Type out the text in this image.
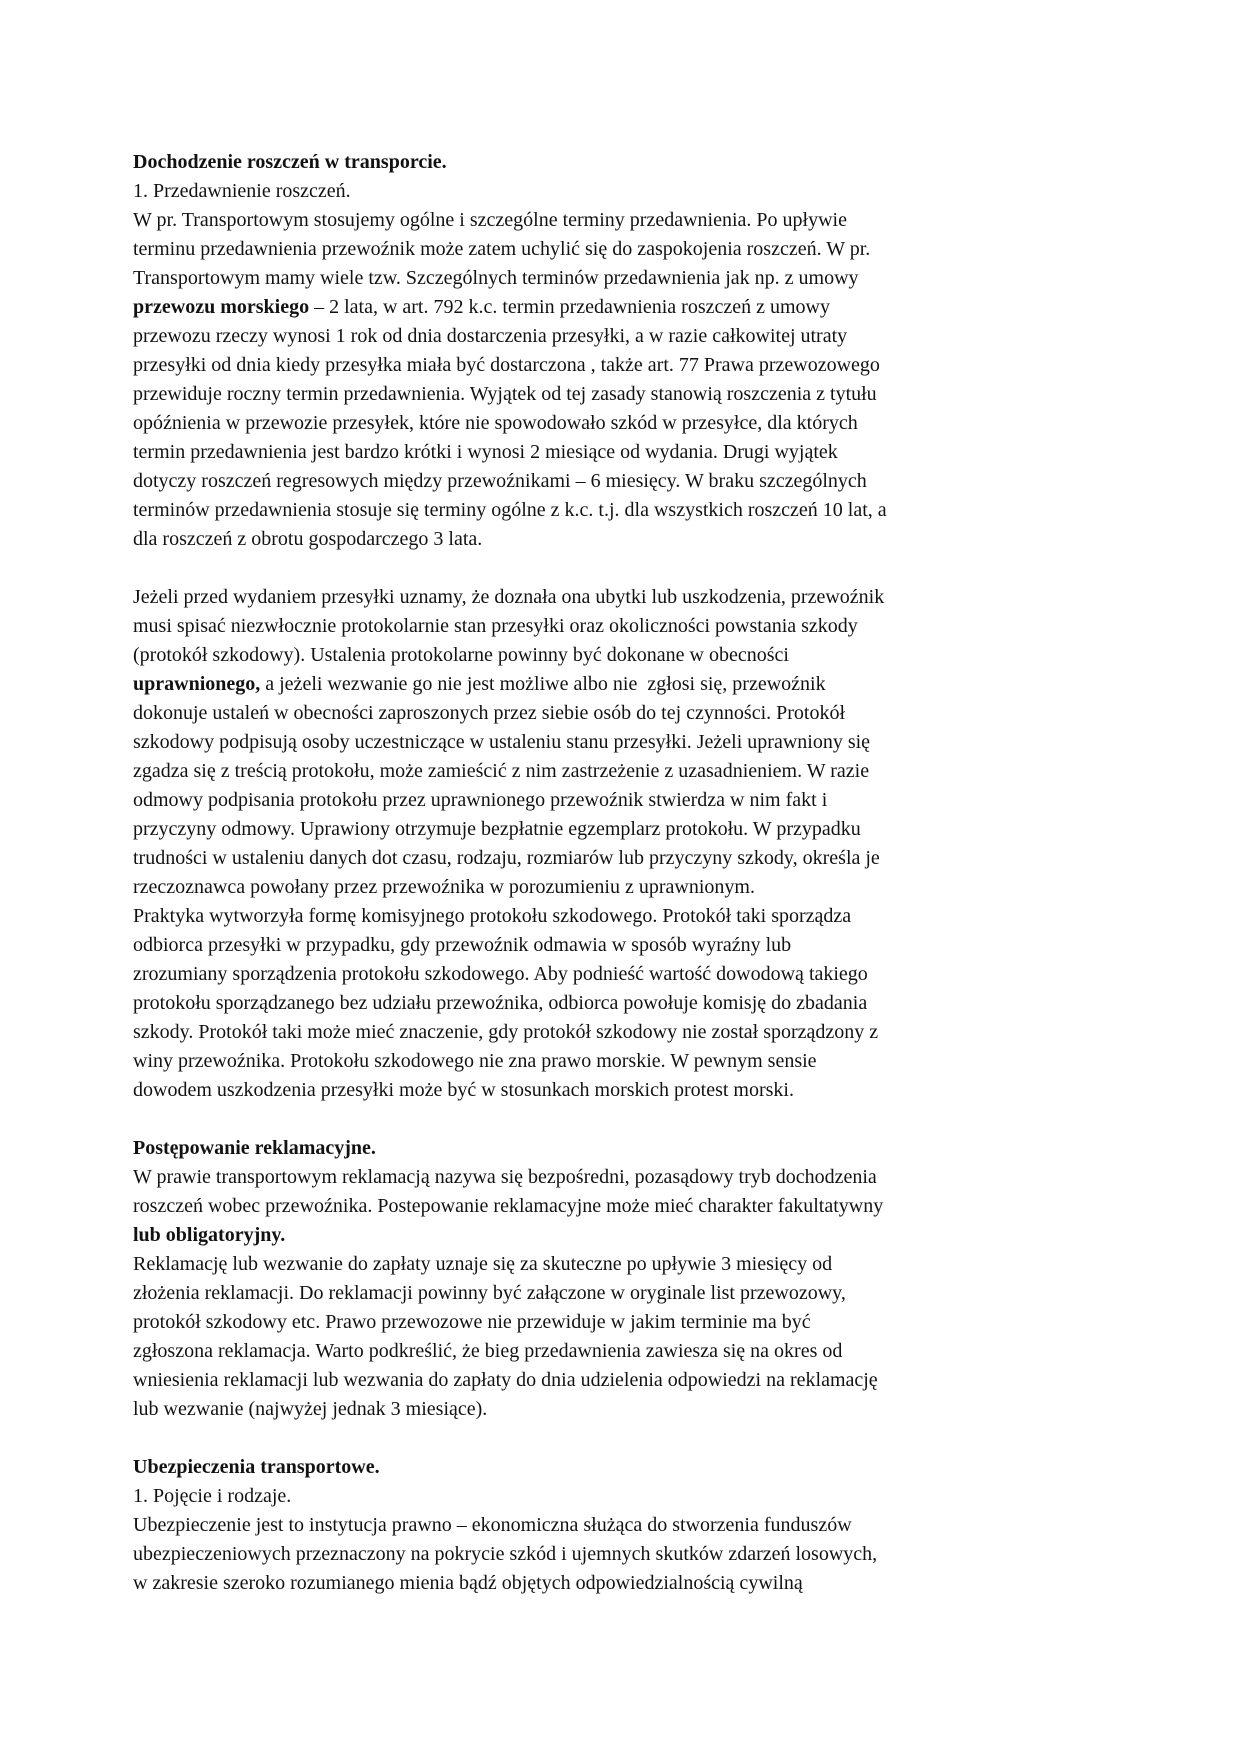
Dochodzenie roszczeń w transporcie.
1. Przedawnienie roszczeń.
W pr. Transportowym stosujemy ogólne i szczególne terminy przedawnienia. Po upływie
terminu przedawnienia przewoźnik może zatem uchylić się do zaspokojenia roszczeń. W pr.
Transportowym mamy wiele tzw. Szczególnych terminów przedawnienia jak np. z umowy
przewozu morskiego – 2 lata, w art. 792 k.c. termin przedawnienia roszczeń z umowy
przewozu rzeczy wynosi 1 rok od dnia dostarczenia przesyłki, a w razie całkowitej utraty
przesyłki od dnia kiedy przesyłka miała być dostarczona , także art. 77 Prawa przewozowego
przewiduje roczny termin przedawnienia. Wyjątek od tej zasady stanowią roszczenia z tytułu
opóźnienia w przewozie przesyłek, które nie spowodowało szkód w przesyłce, dla których
termin przedawnienia jest bardzo krótki i wynosi 2 miesiące od wydania. Drugi wyjątek
dotyczy roszczeń regresowych między przewoźnikami – 6 miesięcy. W braku szczególnych
terminów przedawnienia stosuje się terminy ogólne z k.c. t.j. dla wszystkich roszczeń 10 lat, a
dla roszczeń z obrotu gospodarczego 3 lata.
Jeżeli przed wydaniem przesyłki uznamy, że doznała ona ubytki lub uszkodzenia, przewoźnik
musi spisać niezwłocznie protokolarnie stan przesyłki oraz okoliczności powstania szkody
(protokół szkodowy). Ustalenia protokolarne powinny być dokonane w obecności
uprawnionego, a jeżeli wezwanie go nie jest możliwe albo nie  zgłosi się, przewoźnik
dokonuje ustaleń w obecności zaproszonych przez siebie osób do tej czynności. Protokół
szkodowy podpisują osoby uczestniczące w ustaleniu stanu przesyłki. Jeżeli uprawniony się
zgadza się z treścią protokołu, może zamieścić z nim zastrzeżenie z uzasadnieniem. W razie
odmowy podpisania protokołu przez uprawnionego przewoźnik stwierdza w nim fakt i
przyczyny odmowy. Uprawiony otrzymuje bezpłatnie egzemplarz protokołu. W przypadku
trudności w ustaleniu danych dot czasu, rodzaju, rozmiarów lub przyczyny szkody, określa je
rzeczoznawca powołany przez przewoźnika w porozumieniu z uprawnionym.
Praktyka wytworzyła formę komisyjnego protokołu szkodowego. Protokół taki sporządza
odbiorca przesyłki w przypadku, gdy przewoźnik odmawia w sposób wyraźny lub
zrozumiany sporządzenia protokołu szkodowego. Aby podnieść wartość dowodową takiego
protokołu sporządzanego bez udziału przewoźnika, odbiorca powołuje komisję do zbadania
szkody. Protokół taki może mieć znaczenie, gdy protokół szkodowy nie został sporządzony z
winy przewoźnika. Protokołu szkodowego nie zna prawo morskie. W pewnym sensie
dowodem uszkodzenia przesyłki może być w stosunkach morskich protest morski.
Postępowanie reklamacyjne.
W prawie transportowym reklamacją nazywa się bezpośredni, pozasądowy tryb dochodzenia
roszczeń wobec przewoźnika. Postepowanie reklamacyjne może mieć charakter fakultatywny
lub obligatoryjny.
Reklamację lub wezwanie do zapłaty uznaje się za skuteczne po upływie 3 miesięcy od
złożenia reklamacji. Do reklamacji powinny być załączone w oryginale list przewozowy,
protokół szkodowy etc. Prawo przewozowe nie przewiduje w jakim terminie ma być
zgłoszona reklamacja. Warto podkreślić, że bieg przedawnienia zawiesza się na okres od
wniesienia reklamacji lub wezwania do zapłaty do dnia udzielenia odpowiedzi na reklamację
lub wezwanie (najwyżej jednak 3 miesiące).
Ubezpieczenia transportowe.
1. Pojęcie i rodzaje.
Ubezpieczenie jest to instytucja prawno – ekonomiczna służąca do stworzenia funduszów
ubezpieczeniowych przeznaczony na pokrycie szkód i ujemnych skutków zdarzeń losowych,
w zakresie szeroko rozumianego mienia bądź objętych odpowiedzialnością cywilną
